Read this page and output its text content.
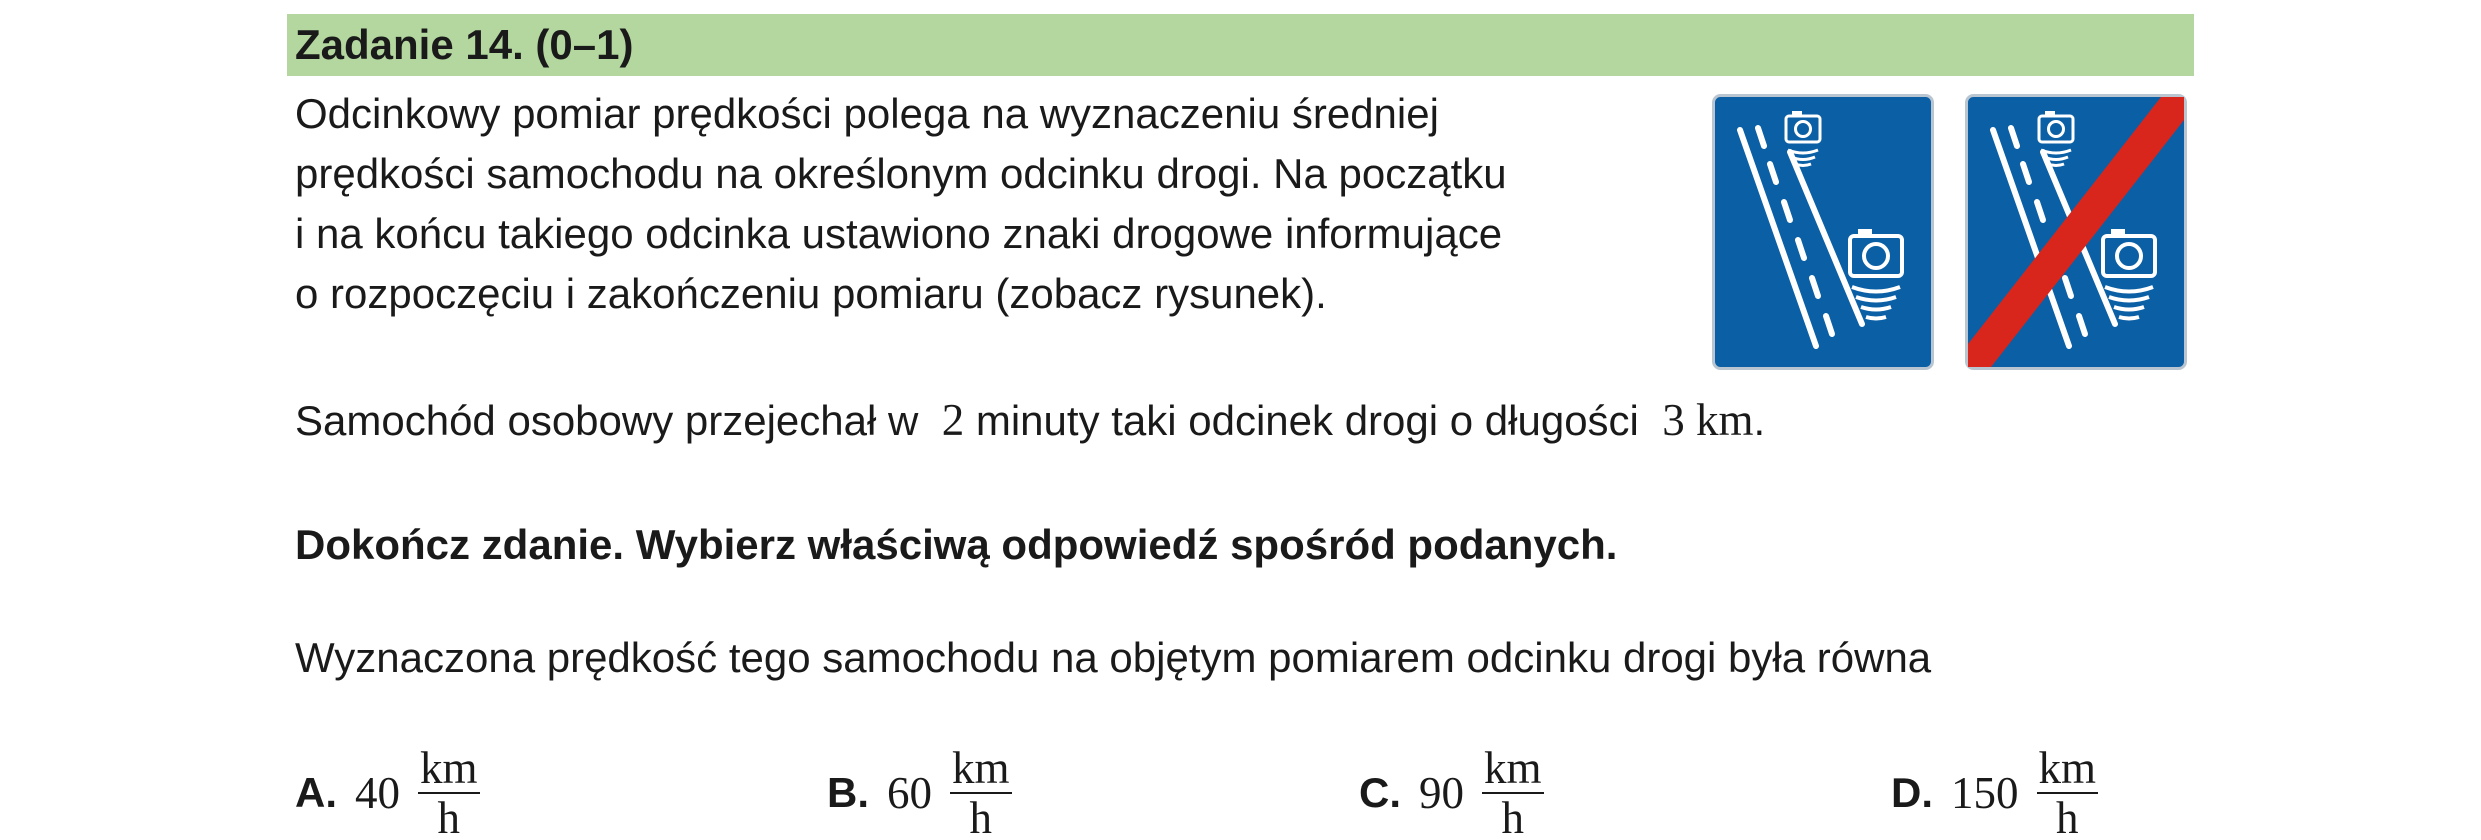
Zadanie 14. (0–1)
Odcinkowy pomiar prędkości polega na wyznaczeniu średniej
prędkości samochodu na określonym odcinku drogi. Na początku
i na końcu takiego odcinka ustawiono znaki drogowe informujące
o rozpoczęciu i zakończeniu pomiaru (zobacz rysunek).
Samochód osobowy przejechał w 2 minuty taki odcinek drogi o długości 3 km.
Dokończ zdanie. Wybierz właściwą odpowiedź spośród podanych.
Wyznaczona prędkość tego samochodu na objętym pomiarem odcinku drogi była równa
A. $40 \frac{km}{h}$	B. $60 \frac{km}{h}$	C. $90 \frac{km}{h}$	D. $150 \frac{km}{h}$
